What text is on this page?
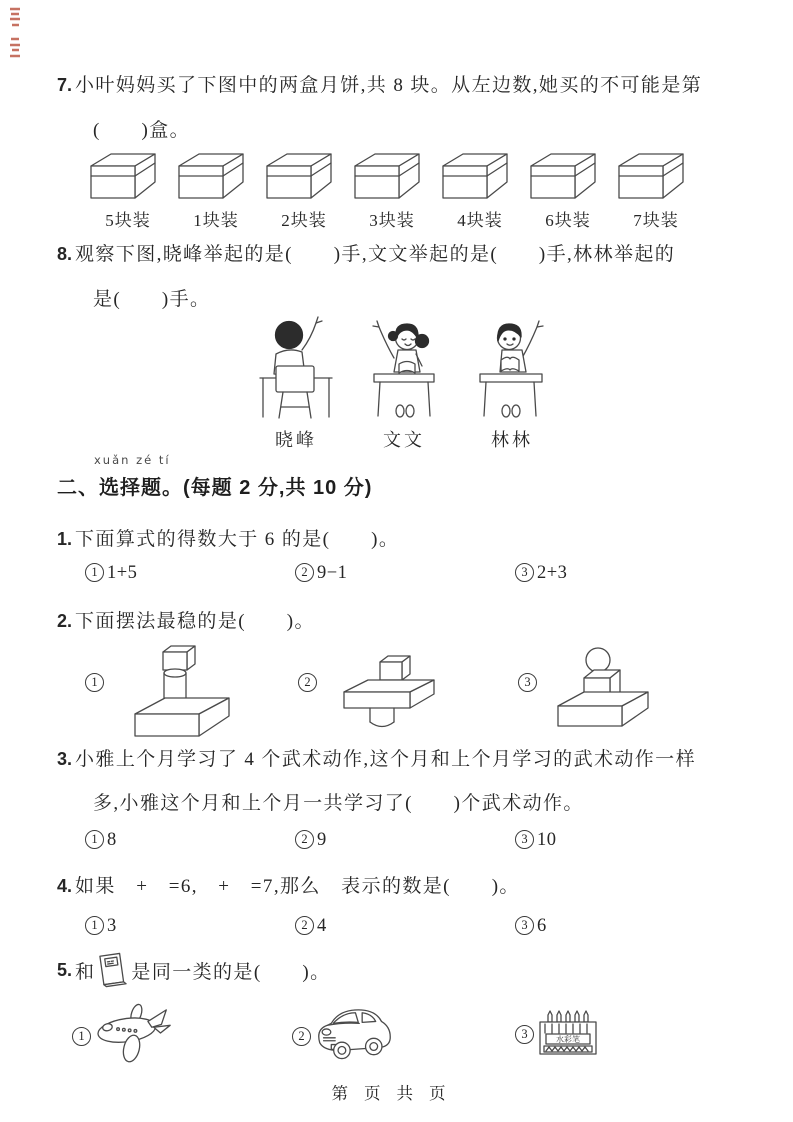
7. 小叶妈妈买了下图中的两盒月饼,共 8 块。从左边数,她买的不可能是第
(　　)盒。
5块装	1块装	2块装	3块装	4块装	6块装	7块装
8. 观察下图,晓峰举起的是(　　)手,文文举起的是(　　)手,林林举起的
是(　　)手。
晓峰	文文	林林
xuǎn zé tí
二、选择题。(每题 2 分,共 10 分)
1. 下面算式的得数大于 6 的是(　　)。
1 1+5	2 9−1	3 2+3
2. 下面摆法最稳的是(　　)。
1	2	3
3. 小雅上个月学习了 4 个武术动作,这个月和上个月学习的武术动作一样
多,小雅这个月和上个月一共学习了(　　)个武术动作。
1 8	2 9	3 10
4. 如果　+　=6,　+　=7,那么　表示的数是(　　)。
1 3	2 4	3 6
5. 和 是同一类的是(　　)。
1	2	3	水彩笔
第页共页
